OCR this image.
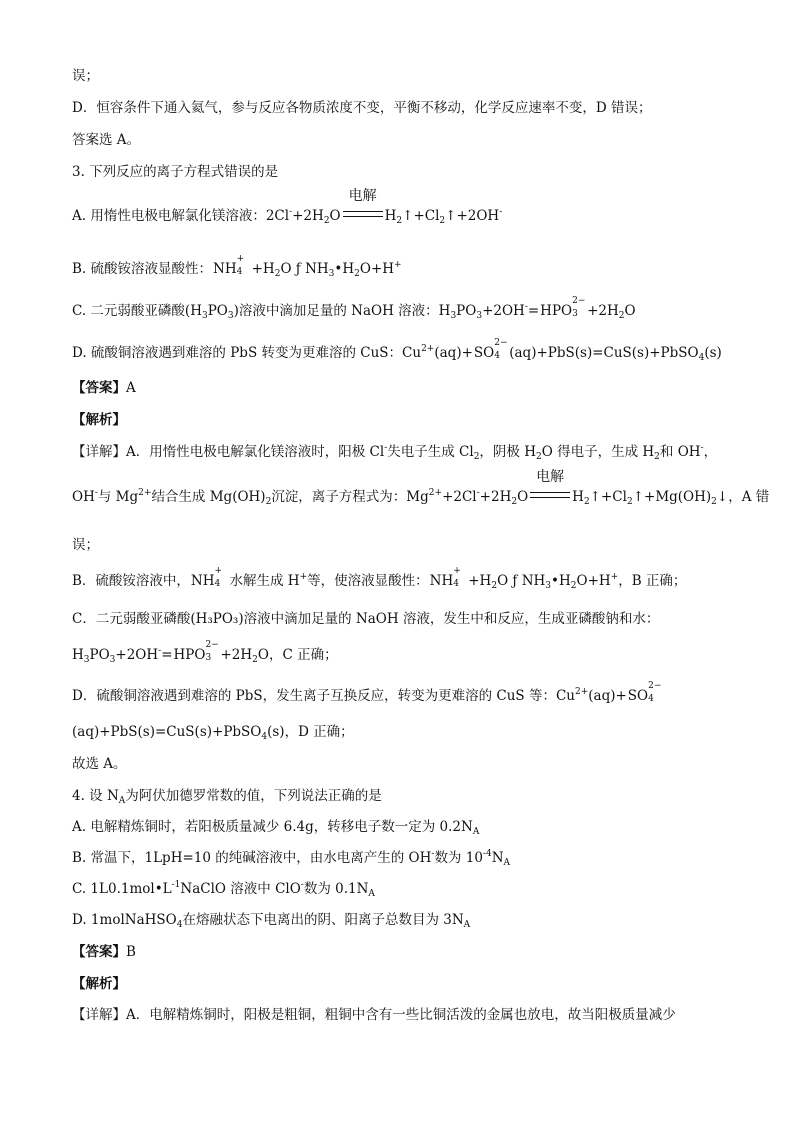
误；
D．恒容条件下通入氦气，参与反应各物质浓度不变，平衡不移动，化学反应速率不变，D 错误；
答案选 A。
3. 下列反应的离子方程式错误的是
A. 用惰性电极电解氯化镁溶液：$2Cl^-+2H_2O$
电解
$H_2↑+Cl_2↑+2OH^-$
B. 硫酸铵溶液显酸性：NH
+
$4 +H_2O$ ƒ $NH_3•H_2O+H^+$
C. 二元弱酸亚磷酸$(H_3PO_3)$溶液中滴加足量的 NaOH 溶液：$H_3PO_3+2OH^-=HPO$
2−
$3 +2H_2O$
D. 硫酸铜溶液遇到难溶的 PbS 转变为更难溶的 CuS：$Cu^{2+}(aq)+SO$
2−
4 (aq)+PbS(s)=CuS(s)+PbSO$_4$(s)
【答案】A
【解析】
【详解】A．用惰性电极电解氯化镁溶液时，阳极 Cl-失电子生成 $Cl_2$，阴极 $H_2O$ 得电子，生成 $H_2$和 OH-，
OH-与 $Mg^{2+}$结合生成 $Mg(OH)_2$沉淀，离子方程式为：$Mg^{2+}+2Cl^-+2H_2O$
电解
$H_2↑+Cl_2↑+Mg(OH)_2↓$，A 错
误；
B．硫酸铵溶液中，NH
+
4 水解生成 H+等，使溶液显酸性：NH
+
$4 +H_2O$ ƒ $NH_3•H_2O+H^+$，B 正确；
C．二元弱酸亚磷酸(H₃PO₃)溶液中滴加足量的 NaOH 溶液，发生中和反应，生成亚磷酸钠和水：
$H_3PO_3+2OH^-=HPO$
2−
$3 +2H_2O$，C 正确；
D．硫酸铜溶液遇到难溶的 PbS，发生离子互换反应，转变为更难溶的 CuS 等：$Cu^{2+}(aq)+SO$
2−
4
(aq)+PbS(s)=CuS(s)+PbSO$_4$(s)，D 正确；
故选 A。
4. 设 $N_A$为阿伏加德罗常数的值，下列说法正确的是
A. 电解精炼铜时，若阳极质量减少 6.4g，转移电子数一定为 $0.2N_A$
B. 常温下，1LpH=10 的纯碱溶液中，由水电离产生的 OH-数为 $10^{-4}N_A$
C. $1L0.1mol•L^{-1}NaClO$ 溶液中 ClO-数为 $0.1N_A$
D. 1molNaHSO$_4$在熔融状态下电离出的阴、阳离子总数目为 $3N_A$
【答案】B
【解析】
【详解】A．电解精炼铜时，阳极是粗铜，粗铜中含有一些比铜活泼的金属也放电，故当阳极质量减少
